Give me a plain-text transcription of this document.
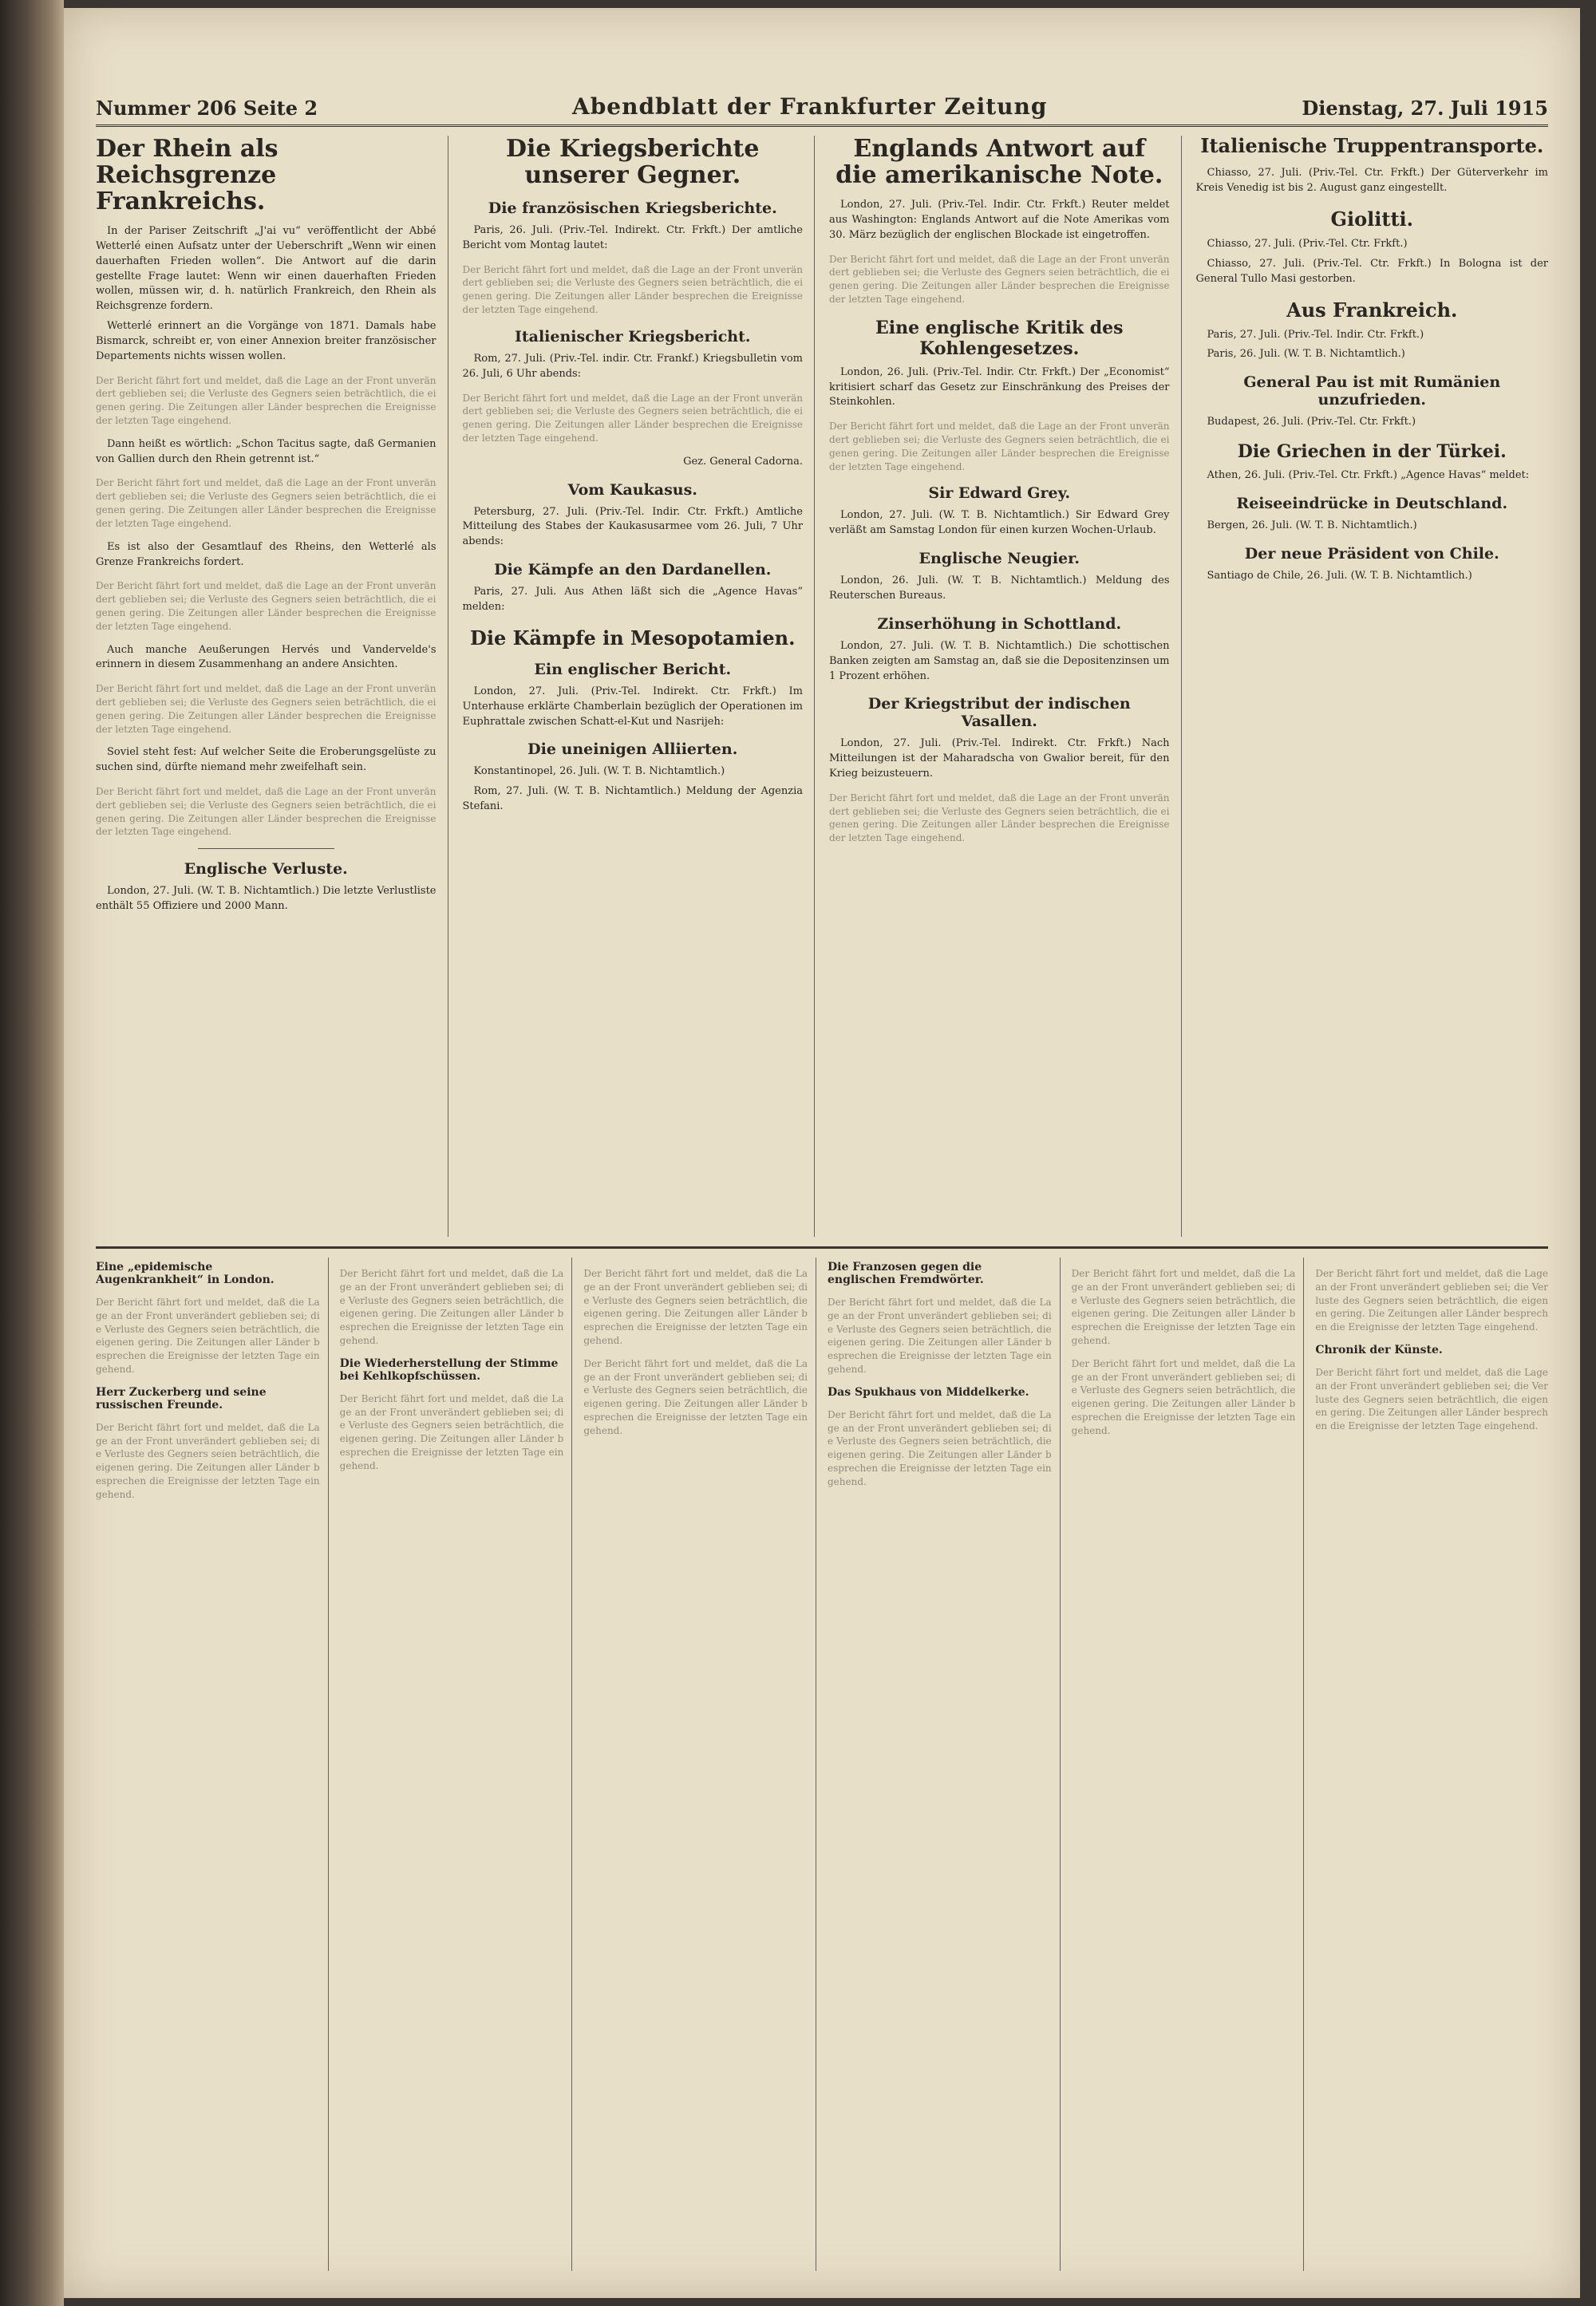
Nummer 206 Seite 2	Abendblatt der Frankfurter Zeitung	Dienstag, 27. Juli 1915
Der Rhein als Reichsgrenze Frankreichs.

In der Pariser Zeitschrift „J'ai vu“ veröffentlicht der Abbé Wetterlé einen Aufsatz unter der Ueberschrift „Wenn wir einen dauerhaften Frieden wollen“. Die Antwort auf die darin gestellte Frage lautet: Wenn wir einen dauerhaften Frieden wollen, müssen wir, d. h. natürlich Frankreich, den Rhein als Reichsgrenze fordern.

Wetterlé erinnert an die Vorgänge von 1871. Damals habe Bismarck, schreibt er, von einer Annexion breiter französischer Departements nichts wissen wollen.

Der Bericht fährt fort und meldet, daß die Lage an der Front unverändert geblieben sei; die Verluste des Gegners seien beträchtlich, die eigenen gering. Die Zeitungen aller Länder besprechen die Ereignisse der letzten Tage eingehend.

Dann heißt es wörtlich: „Schon Tacitus sagte, daß Germanien von Gallien durch den Rhein getrennt ist.“

Der Bericht fährt fort und meldet, daß die Lage an der Front unverändert geblieben sei; die Verluste des Gegners seien beträchtlich, die eigenen gering. Die Zeitungen aller Länder besprechen die Ereignisse der letzten Tage eingehend.

Es ist also der Gesamtlauf des Rheins, den Wetterlé als Grenze Frankreichs fordert.

Der Bericht fährt fort und meldet, daß die Lage an der Front unverändert geblieben sei; die Verluste des Gegners seien beträchtlich, die eigenen gering. Die Zeitungen aller Länder besprechen die Ereignisse der letzten Tage eingehend.

Auch manche Aeußerungen Hervés und Vandervelde's erinnern in diesem Zusammenhang an andere Ansichten.

Der Bericht fährt fort und meldet, daß die Lage an der Front unverändert geblieben sei; die Verluste des Gegners seien beträchtlich, die eigenen gering. Die Zeitungen aller Länder besprechen die Ereignisse der letzten Tage eingehend.

Soviel steht fest: Auf welcher Seite die Eroberungsgelüste zu suchen sind, dürfte niemand mehr zweifelhaft sein.

Der Bericht fährt fort und meldet, daß die Lage an der Front unverändert geblieben sei; die Verluste des Gegners seien beträchtlich, die eigenen gering. Die Zeitungen aller Länder besprechen die Ereignisse der letzten Tage eingehend.

Englische Verluste.

London, 27. Juli. (W. T. B. Nichtamtlich.) Die letzte Verlustliste enthält 55 Offiziere und 2000 Mann.

Die Kriegsberichte unserer Gegner.
Die französischen Kriegsberichte.

Paris, 26. Juli. (Priv.-Tel. Indirekt. Ctr. Frkft.) Der amtliche Bericht vom Montag lautet:

Der Bericht fährt fort und meldet, daß die Lage an der Front unverändert geblieben sei; die Verluste des Gegners seien beträchtlich, die eigenen gering. Die Zeitungen aller Länder besprechen die Ereignisse der letzten Tage eingehend.

Italienischer Kriegsbericht.

Rom, 27. Juli. (Priv.-Tel. indir. Ctr. Frankf.) Kriegsbulletin vom 26. Juli, 6 Uhr abends:

Der Bericht fährt fort und meldet, daß die Lage an der Front unverändert geblieben sei; die Verluste des Gegners seien beträchtlich, die eigenen gering. Die Zeitungen aller Länder besprechen die Ereignisse der letzten Tage eingehend.

Gez. General Cadorna.

Vom Kaukasus.

Petersburg, 27. Juli. (Priv.-Tel. Indir. Ctr. Frkft.) Amtliche Mitteilung des Stabes der Kaukasusarmee vom 26. Juli, 7 Uhr abends:

Die Kämpfe an den Dardanellen.

Paris, 27. Juli. Aus Athen läßt sich die „Agence Havas“ melden:

Die Kämpfe in Mesopotamien.
Ein englischer Bericht.

London, 27. Juli. (Priv.-Tel. Indirekt. Ctr. Frkft.) Im Unterhause erklärte Chamberlain bezüglich der Operationen im Euphrattale zwischen Schatt-el-Kut und Nasrijeh:

Die uneinigen Alliierten.

Konstantinopel, 26. Juli. (W. T. B. Nichtamtlich.)

Rom, 27. Juli. (W. T. B. Nichtamtlich.) Meldung der Agenzia Stefani.

Englands Antwort auf die amerikanische Note.

London, 27. Juli. (Priv.-Tel. Indir. Ctr. Frkft.) Reuter meldet aus Washington: Englands Antwort auf die Note Amerikas vom 30. März bezüglich der englischen Blockade ist eingetroffen.

Der Bericht fährt fort und meldet, daß die Lage an der Front unverändert geblieben sei; die Verluste des Gegners seien beträchtlich, die eigenen gering. Die Zeitungen aller Länder besprechen die Ereignisse der letzten Tage eingehend.

Eine englische Kritik des Kohlengesetzes.

London, 26. Juli. (Priv.-Tel. Indir. Ctr. Frkft.) Der „Economist“ kritisiert scharf das Gesetz zur Einschränkung des Preises der Steinkohlen.

Der Bericht fährt fort und meldet, daß die Lage an der Front unverändert geblieben sei; die Verluste des Gegners seien beträchtlich, die eigenen gering. Die Zeitungen aller Länder besprechen die Ereignisse der letzten Tage eingehend.

Sir Edward Grey.

London, 27. Juli. (W. T. B. Nichtamtlich.) Sir Edward Grey verläßt am Samstag London für einen kurzen Wochen-Urlaub.

Englische Neugier.

London, 26. Juli. (W. T. B. Nichtamtlich.) Meldung des Reuterschen Bureaus.

Zinserhöhung in Schottland.

London, 27. Juli. (W. T. B. Nichtamtlich.) Die schottischen Banken zeigten am Samstag an, daß sie die Depositenzinsen um 1 Prozent erhöhen.

Der Kriegstribut der indischen Vasallen.

London, 27. Juli. (Priv.-Tel. Indirekt. Ctr. Frkft.) Nach Mitteilungen ist der Maharadscha von Gwalior bereit, für den Krieg beizusteuern.

Der Bericht fährt fort und meldet, daß die Lage an der Front unverändert geblieben sei; die Verluste des Gegners seien beträchtlich, die eigenen gering. Die Zeitungen aller Länder besprechen die Ereignisse der letzten Tage eingehend.

Italienische Truppentransporte.

Chiasso, 27. Juli. (Priv.-Tel. Ctr. Frkft.) Der Güterverkehr im Kreis Venedig ist bis 2. August ganz eingestellt.

Giolitti.

Chiasso, 27. Juli. (Priv.-Tel. Ctr. Frkft.)

Chiasso, 27. Juli. (Priv.-Tel. Ctr. Frkft.) In Bologna ist der General Tullo Masi gestorben.

Aus Frankreich.

Paris, 27. Juli. (Priv.-Tel. Indir. Ctr. Frkft.)

Paris, 26. Juli. (W. T. B. Nichtamtlich.)

General Pau ist mit Rumänien unzufrieden.

Budapest, 26. Juli. (Priv.-Tel. Ctr. Frkft.)

Die Griechen in der Türkei.

Athen, 26. Juli. (Priv.-Tel. Ctr. Frkft.) „Agence Havas“ meldet:

Reiseeindrücke in Deutschland.

Bergen, 26. Juli. (W. T. B. Nichtamtlich.)

Der neue Präsident von Chile.

Santiago de Chile, 26. Juli. (W. T. B. Nichtamtlich.)

Eine „epidemische Augenkrankheit“ in London.

Der Bericht fährt fort und meldet, daß die Lage an der Front unverändert geblieben sei; die Verluste des Gegners seien beträchtlich, die eigenen gering. Die Zeitungen aller Länder besprechen die Ereignisse der letzten Tage eingehend.

Herr Zuckerberg und seine russischen Freunde.

Der Bericht fährt fort und meldet, daß die Lage an der Front unverändert geblieben sei; die Verluste des Gegners seien beträchtlich, die eigenen gering. Die Zeitungen aller Länder besprechen die Ereignisse der letzten Tage eingehend.

Der Bericht fährt fort und meldet, daß die Lage an der Front unverändert geblieben sei; die Verluste des Gegners seien beträchtlich, die eigenen gering. Die Zeitungen aller Länder besprechen die Ereignisse der letzten Tage eingehend.

Die Wiederherstellung der Stimme bei Kehlkopfschüssen.

Der Bericht fährt fort und meldet, daß die Lage an der Front unverändert geblieben sei; die Verluste des Gegners seien beträchtlich, die eigenen gering. Die Zeitungen aller Länder besprechen die Ereignisse der letzten Tage eingehend.

Der Bericht fährt fort und meldet, daß die Lage an der Front unverändert geblieben sei; die Verluste des Gegners seien beträchtlich, die eigenen gering. Die Zeitungen aller Länder besprechen die Ereignisse der letzten Tage eingehend.

Der Bericht fährt fort und meldet, daß die Lage an der Front unverändert geblieben sei; die Verluste des Gegners seien beträchtlich, die eigenen gering. Die Zeitungen aller Länder besprechen die Ereignisse der letzten Tage eingehend.

Die Franzosen gegen die englischen Fremdwörter.

Der Bericht fährt fort und meldet, daß die Lage an der Front unverändert geblieben sei; die Verluste des Gegners seien beträchtlich, die eigenen gering. Die Zeitungen aller Länder besprechen die Ereignisse der letzten Tage eingehend.

Das Spukhaus von Middelkerke.

Der Bericht fährt fort und meldet, daß die Lage an der Front unverändert geblieben sei; die Verluste des Gegners seien beträchtlich, die eigenen gering. Die Zeitungen aller Länder besprechen die Ereignisse der letzten Tage eingehend.

Der Bericht fährt fort und meldet, daß die Lage an der Front unverändert geblieben sei; die Verluste des Gegners seien beträchtlich, die eigenen gering. Die Zeitungen aller Länder besprechen die Ereignisse der letzten Tage eingehend.

Der Bericht fährt fort und meldet, daß die Lage an der Front unverändert geblieben sei; die Verluste des Gegners seien beträchtlich, die eigenen gering. Die Zeitungen aller Länder besprechen die Ereignisse der letzten Tage eingehend.

Der Bericht fährt fort und meldet, daß die Lage an der Front unverändert geblieben sei; die Verluste des Gegners seien beträchtlich, die eigenen gering. Die Zeitungen aller Länder besprechen die Ereignisse der letzten Tage eingehend.

Chronik der Künste.

Der Bericht fährt fort und meldet, daß die Lage an der Front unverändert geblieben sei; die Verluste des Gegners seien beträchtlich, die eigenen gering. Die Zeitungen aller Länder besprechen die Ereignisse der letzten Tage eingehend.
